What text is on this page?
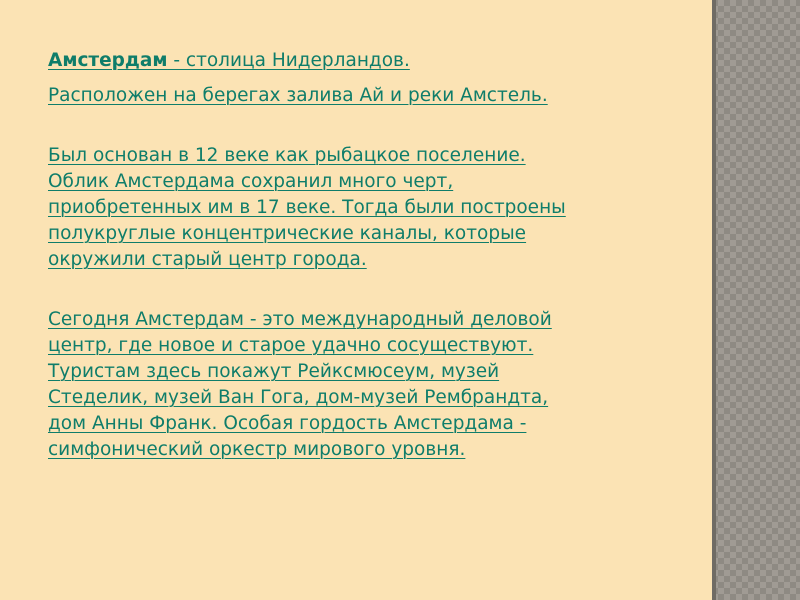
Амстердам - столица Нидерландов.

Расположен на берегах залива Ай и реки Амстель.

Был основан в 12 веке как рыбацкое поселение.
Облик Амстердама сохранил много черт,
приобретенных им в 17 веке. Тогда были построены
полукруглые концентрические каналы, которые
окружили старый центр города.

Сегодня Амстердам - это международный деловой
центр, где новое и старое удачно сосуществуют.
Туристам здесь покажут Рейксмюсеум, музей
Стеделик, музей Ван Гога, дом-музей Рембрандта,
дом Анны Франк. Особая гордость Амстердама -
симфонический оркестр мирового уровня.
